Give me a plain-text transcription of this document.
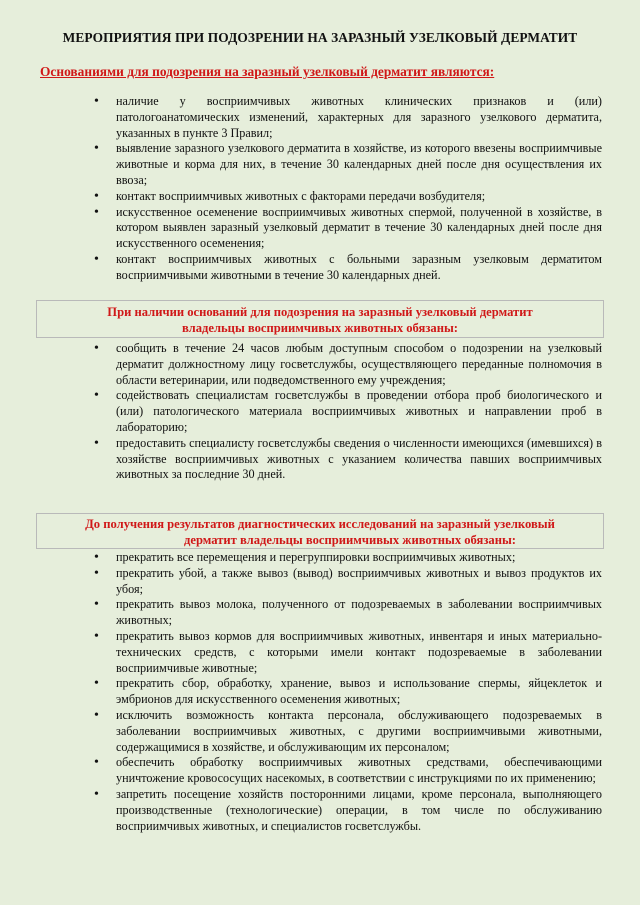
МЕРОПРИЯТИЯ ПРИ ПОДОЗРЕНИИ НА ЗАРАЗНЫЙ УЗЕЛКОВЫЙ ДЕРМАТИТ
Основаниями для подозрения на заразный узелковый дерматит являются:
• наличие у восприимчивых животных клинических признаков и (или) патологоанатомических изменений, характерных для заразного узелкового дерматита, указанных в пункте 3 Правил;
• выявление заразного узелкового дерматита в хозяйстве, из которого ввезены восприимчивые животные и корма для них, в течение 30 календарных дней после дня осуществления их ввоза;
• контакт восприимчивых животных с факторами передачи возбудителя;
• искусственное осеменение восприимчивых животных спермой, полученной в хозяйстве, в котором выявлен заразный узелковый дерматит в течение 30 календарных дней после дня искусственного осеменения;
• контакт восприимчивых животных с больными заразным узелковым дерматитом восприимчивыми животными в течение 30 календарных дней.
При наличии оснований для подозрения на заразный узелковый дерматит
владельцы восприимчивых животных обязаны:
• сообщить в течение 24 часов любым доступным способом о подозрении на узелковый дерматит должностному лицу госветслужбы, осуществляющего переданные полномочия в области ветеринарии, или подведомственного ему учреждения;
• содействовать специалистам госветслужбы в проведении отбора проб биологического и (или) патологического материала восприимчивых животных и направлении проб в лабораторию;
• предоставить специалисту госветслужбы сведения о численности имеющихся (имевшихся) в хозяйстве восприимчивых животных с указанием количества павших восприимчивых животных за последние 30 дней.
До получения результатов диагностических исследований на заразный узелковый
дерматит владельцы восприимчивых животных обязаны:
• прекратить все перемещения и перегруппировки восприимчивых животных;
• прекратить убой, а также вывоз (вывод) восприимчивых животных и вывоз продуктов их убоя;
• прекратить вывоз молока, полученного от подозреваемых в заболевании восприимчивых животных;
• прекратить вывоз кормов для восприимчивых животных, инвентаря и иных материально-технических средств, с которыми имели контакт подозреваемые в заболевании восприимчивые животные;
• прекратить сбор, обработку, хранение, вывоз и использование спермы, яйцеклеток и эмбрионов для искусственного осеменения животных;
• исключить возможность контакта персонала, обслуживающего подозреваемых в заболевании восприимчивых животных, с другими восприимчивыми животными, содержащимися в хозяйстве, и обслуживающим их персоналом;
• обеспечить обработку восприимчивых животных средствами, обеспечивающими уничтожение кровососущих насекомых, в соответствии с инструкциями по их применению;
• запретить посещение хозяйств посторонними лицами, кроме персонала, выполняющего производственные (технологические) операции, в том числе по обслуживанию восприимчивых животных, и специалистов госветслужбы.
